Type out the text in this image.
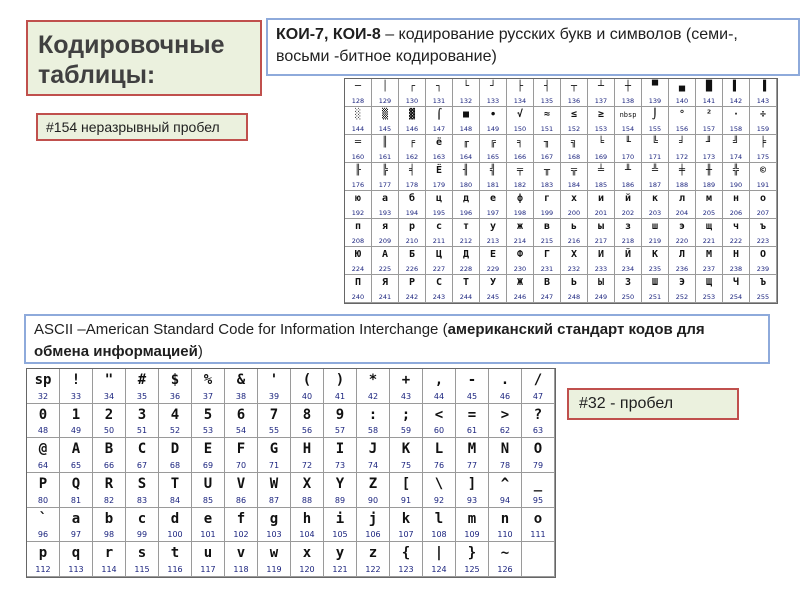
Кодировочные
таблицы:
КОИ-7, КОИ-8 – кодирование русских букв и символов (семи-, восьми -битное кодирование)
#154 неразрывный пробел
─
128
│
129
┌
130
┐
131
└
132
┘
133
├
134
┤
135
┬
136
┴
137
┼
138
▀
139
▄
140
█
141
▌
142
▐
143
░
144
▒
145
▓
146
⌠
147
■
148
∙
149
√
150
≈
151
≤
152
≥
153
nbsp
154
⌡
155
°
156
²
157
·
158
÷
159
═
160
║
161
╒
162
ё
163
╓
164
╔
165
╕
166
╖
167
╗
168
╘
169
╙
170
╚
171
╛
172
╜
173
╝
174
╞
175
╟
176
╠
177
╡
178
Ё
179
╢
180
╣
181
╤
182
╥
183
╦
184
╧
185
╨
186
╩
187
╪
188
╫
189
╬
190
©
191
ю
192
а
193
б
194
ц
195
д
196
е
197
ф
198
г
199
х
200
и
201
й
202
к
203
л
204
м
205
н
206
о
207
п
208
я
209
р
210
с
211
т
212
у
213
ж
214
в
215
ь
216
ы
217
з
218
ш
219
э
220
щ
221
ч
222
ъ
223
Ю
224
А
225
Б
226
Ц
227
Д
228
Е
229
Ф
230
Г
231
Х
232
И
233
Й
234
К
235
Л
236
М
237
Н
238
О
239
П
240
Я
241
Р
242
С
243
Т
244
У
245
Ж
246
В
247
Ь
248
Ы
249
З
250
Ш
251
Э
252
Щ
253
Ч
254
Ъ
255
ASCII –American Standard Code for Information Interchange (американский стандарт кодов для обмена информацией)
sp
32
!
33
"
34
#
35
$
36
%
37
&
38
'
39
(
40
)
41
*
42
+
43
,
44
-
45
.
46
/
47
0
48
1
49
2
50
3
51
4
52
5
53
6
54
7
55
8
56
9
57
:
58
;
59
<
60
=
61
>
62
?
63
@
64
A
65
B
66
C
67
D
68
E
69
F
70
G
71
H
72
I
73
J
74
K
75
L
76
M
77
N
78
O
79
P
80
Q
81
R
82
S
83
T
84
U
85
V
86
W
87
X
88
Y
89
Z
90
[
91
\
92
]
93
^
94
_
95
`
96
a
97
b
98
c
99
d
100
e
101
f
102
g
103
h
104
i
105
j
106
k
107
l
108
m
109
n
110
o
111
p
112
q
113
r
114
s
115
t
116
u
117
v
118
w
119
x
120
y
121
z
122
{
123
|
124
}
125
~
126
#32 - пробел
